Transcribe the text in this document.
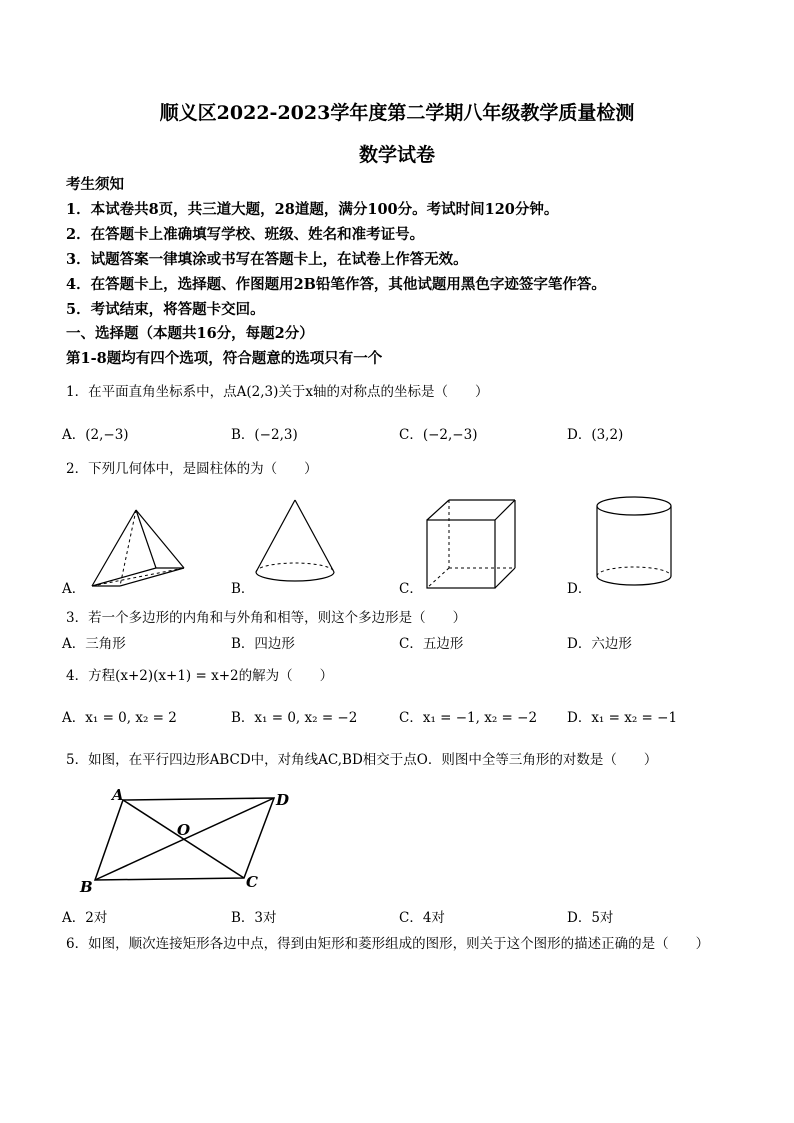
顺义区2022-2023学年度第二学期八年级教学质量检测
数学试卷
考生须知
1．本试卷共8页，共三道大题，28道题，满分100分。考试时间120分钟。
2．在答题卡上准确填写学校、班级、姓名和准考证号。
3．试题答案一律填涂或书写在答题卡上，在试卷上作答无效。
4．在答题卡上，选择题、作图题用2B铅笔作答，其他试题用黑色字迹签字笔作答。
5．考试结束，将答题卡交回。
一、选择题（本题共16分，每题2分）
第1-8题均有四个选项，符合题意的选项只有一个
1．在平面直角坐标系中，点A(2,3)关于x轴的对称点的坐标是（　　）
A．(2,−3)	B．(−2,3)	C．(−2,−3)	D．(3,2)
2．下列几何体中，是圆柱体的为（　　）
A．	B．	C．	D．
3．若一个多边形的内角和与外角和相等，则这个多边形是（　　）
A．三角形	B．四边形	C．五边形	D．六边形
4．方程(x+2)(x+1) = x+2的解为（　　）
A．x₁ = 0, x₂ = 2	B．x₁ = 0, x₂ = −2	C．x₁ = −1, x₂ = −2 D．x₁ = x₂ = −1
5．如图，在平行四边形ABCD中，对角线AC,BD相交于点O．则图中全等三角形的对数是（　　）
A
B	C
D
O
A．2对	B．3对	C．4对	D．5对
6．如图，顺次连接矩形各边中点，得到由矩形和菱形组成的图形，则关于这个图形的描述正确的是（　　）
